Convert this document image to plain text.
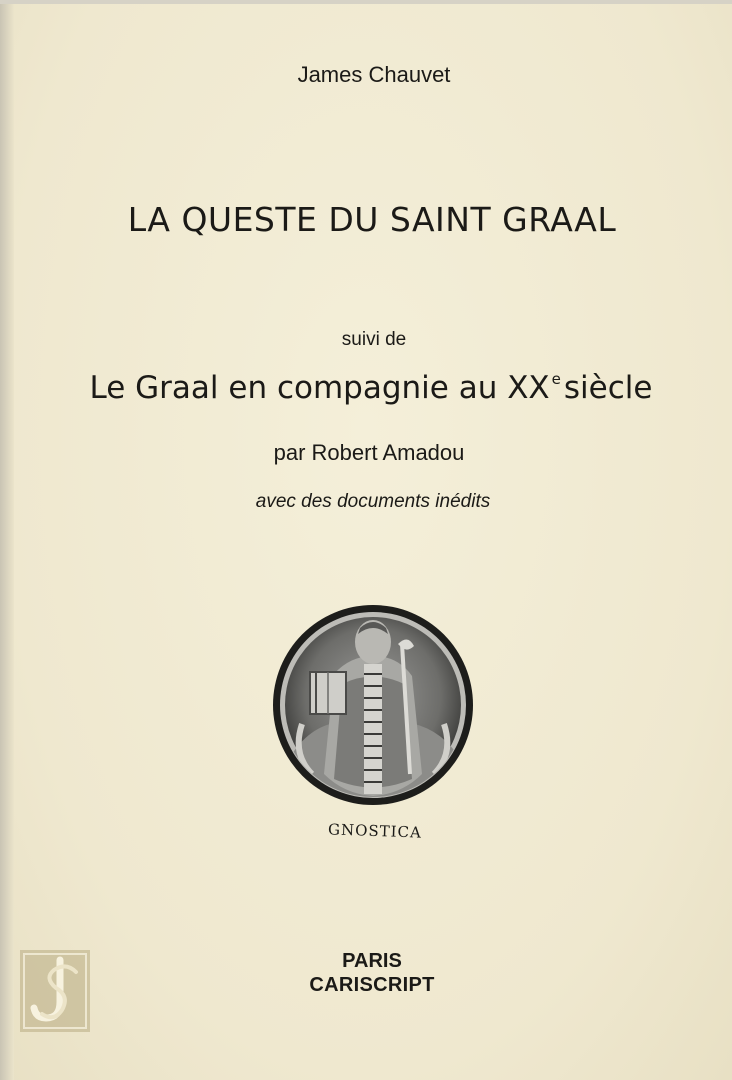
James Chauvet
LA QUESTE DU SAINT GRAAL
suivi de
Le Graal en compagnie au XX $^e$siècle
par Robert Amadou
avec des documents inédits
GNOSTICA
PARIS
CARISCRIPT
